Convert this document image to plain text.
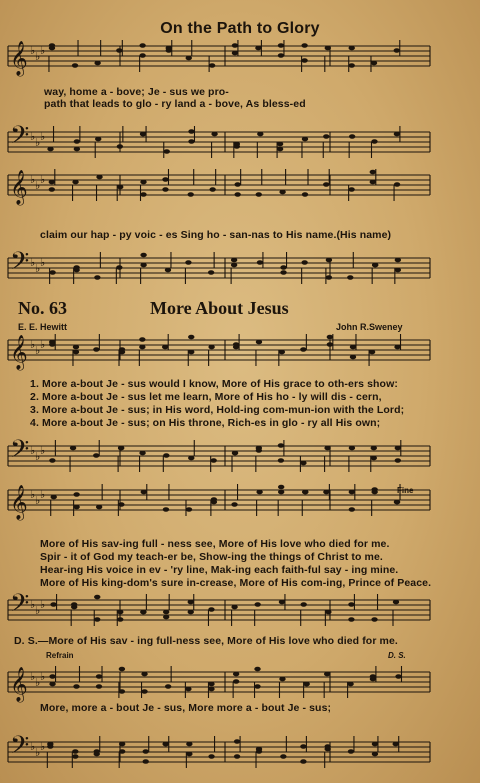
𝄞 ♭ ♭ ♭
𝄢 ♭ ♭ ♭
𝄞 ♭ ♭ ♭
𝄢 ♭ ♭ ♭
𝄞 ♭ ♭ ♭
𝄢 ♭ ♭ ♭
𝄞 ♭ ♭ ♭
𝄢 ♭ ♭ ♭
𝄞 ♭ ♭ ♭
𝄢 ♭ ♭ ♭
On the Path to Glory
way, home a - bove; Je - sus we pro-
path that leads to glo - ry land a - bove, As bless-ed
claim our hap - py voic - es Sing ho - san-nas to His name.(His name)
No. 63	More About Jesus
E. E. Hewitt	John R.Sweney
1. More a-bout Je - sus would I know, More of His grace to oth-ers show:
2. More a-bout Je - sus let me learn, More of His ho - ly will dis - cern,
3. More a-bout Je - sus; in His word, Hold-ing com-mun-ion with the Lord;
4. More a-bout Je - sus; on His throne, Rich-es in glo - ry all His own;
Fine
More of His sav-ing full - ness see, More of His love who died for me.
Spir - it of God my teach-er be, Show-ing the things of Christ to me.
Hear-ing His voice in ev - 'ry line, Mak-ing each faith-ful say - ing mine.
More of His king-dom's sure in-crease, More of His com-ing, Prince of Peace.
D. S.—More of His sav - ing full-ness see, More of His love who died for me.
Refrain	D. S.
More, more a - bout Je - sus, More more a - bout Je - sus;
